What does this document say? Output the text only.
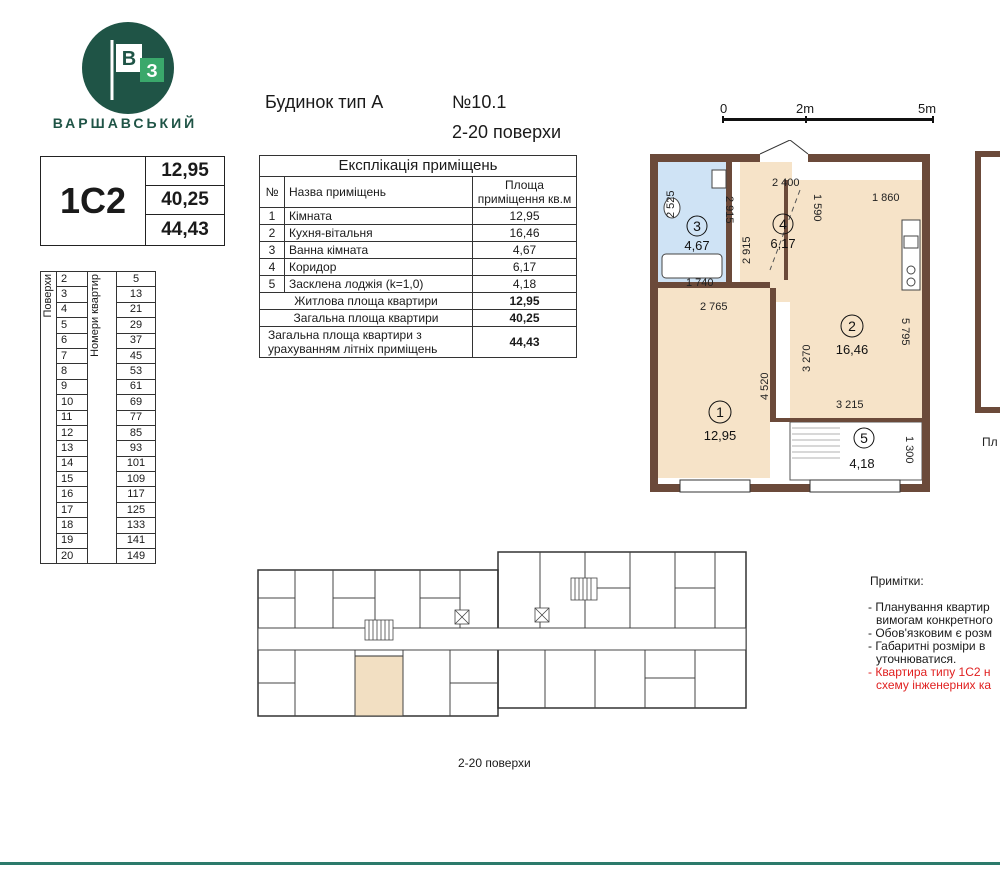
В
З
ВАРШАВСЬКИЙ
Будинок тип А	№10.1
2-20 поверхи
1С2
12,95
40,25
44,43
Поверхи	2	Номери квартир	5
	3		13
	4		21
	5		29
	6		37
	7		45
	8		53
	9		61
	10		69
	11		77
	12		85
	13		93
	14		101
	15		109
	16		117
	17		125
	18		133
	19		141
	20		149
Експлікація приміщень		
№	Назва приміщень	Площа приміщення кв.м
1	Кімната	12,95
2	Кухня-вітальня	16,46
3	Ванна кімната	4,67
4	Коридор	6,17
5	Засклена лоджія (k=1,0)	4,18
Житлова площа квартири		12,95
Загальна площа квартири		40,25
Загальна площа квартири з урахуванням літніх приміщень		44,43
0	2m	5m
1
12,95
2
16,46
3
4,67
4
6,17
5
4,18
2 400
1 860
1 740
2 765
3 215
2 525	2 915
2 915
1 590
4 520
3 270
5 795
1 300	Пл
2-20 поверхи
Примітки:
- Планування квартир
вимогам конкретного
- Обов'язковим є розм
- Габаритні розміри в
уточнюватися.
- Квартира типу 1С2 н
схему інженерних ка
